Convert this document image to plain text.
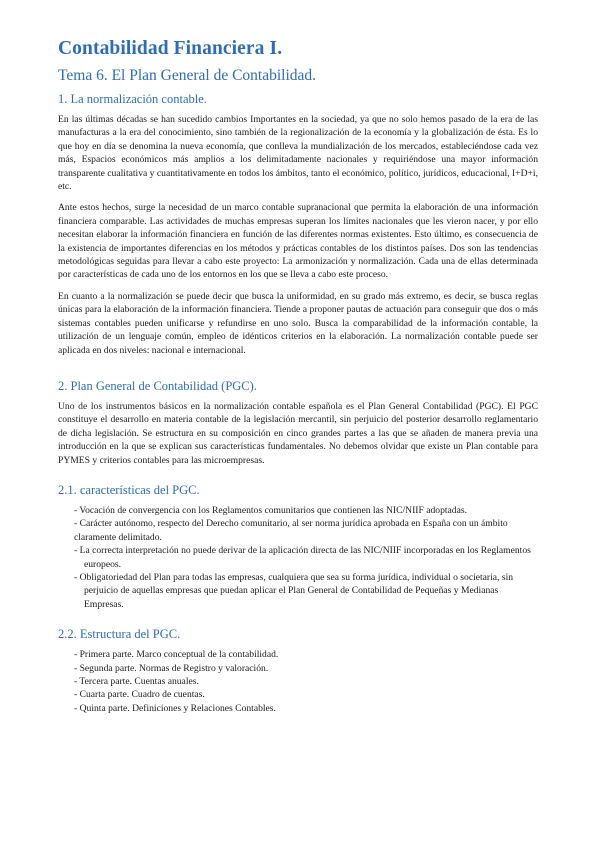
Contabilidad Financiera I.
Tema 6. El Plan General de Contabilidad.
1. La normalización contable.

En las últimas décadas se han sucedido cambios Importantes en la sociedad, ya que no solo hemos pasado de la era de las manufacturas a la era del conocimiento, sino también de la regionalización de la economía y la globalización de ésta. Es lo que hoy en día se denomina la nueva economía, que conlleva la mundialización de los mercados, estableciéndose cada vez más, Espacios económicos más amplios a los delimitadamente nacionales y requiriéndose una mayor información transparente cualitativa y cuantitativamente en todos los ámbitos, tanto el económico, político, jurídicos, educacional, I+D+i, etc.

Ante estos hechos, surge la necesidad de un marco contable supranacional que permita la elaboración de una información financiera comparable. Las actividades de muchas empresas superan los límites nacionales que les vieron nacer, y por ello necesitan elaborar la información financiera en función de las diferentes normas existentes. Esto último, es consecuencia de la existencia de importantes diferencias en los métodos y prácticas contables de los distintos países. Dos son las tendencias metodológicas seguidas para llevar a cabo este proyecto: La armonización y normalización. Cada una de ellas determinada por características de cada uno de los entornos en los que se lleva a cabo este proceso.

En cuanto a la normalización se puede decir que busca la uniformidad, en su grado más extremo, es decir, se busca reglas únicas para la elaboración de la información financiera. Tiende a proponer pautas de actuación para conseguir que dos o más sistemas contables pueden unificarse y refundirse en uno solo. Busca la comparabilidad de la información contable, la utilización de un lenguaje común, empleo de idénticos criterios en la elaboración. La normalización contable puede ser aplicada en dos niveles: nacional e internacional.

2. Plan General de Contabilidad (PGC).

Uno de los instrumentos básicos en la normalización contable española es el Plan General Contabilidad (PGC). El PGC constituye el desarrollo en materia contable de la legislación mercantil, sin perjuicio del posterior desarrollo reglamentario de dicha legislación. Se estructura en su composición en cinco grandes partes a las que se añaden de manera previa una introducción en la que se explican sus características fundamentales. No debemos olvidar que existe un Plan contable para PYMES y criterios contables para las microempresas.

2.1. características del PGC.
- Vocación de convergencia con los Reglamentos comunitarios que contienen las NIC/NIIF adoptadas.
- Carácter autónomo, respecto del Derecho comunitario, al ser norma jurídica aprobada en España con un ámbito claramente delimitado.
- La correcta interpretación no puede derivar de la aplicación directa de las NIC/NIIF incorporadas en los Reglamentos europeos.
- Obligatoriedad del Plan para todas las empresas, cualquiera que sea su forma jurídica, individual o societaria, sin perjuicio de aquellas empresas que puedan aplicar el Plan General de Contabilidad de Pequeñas y Medianas Empresas.
2.2. Estructura del PGC.
- Primera parte. Marco conceptual de la contabilidad.
- Segunda parte. Normas de Registro y valoración.
- Tercera parte. Cuentas anuales.
- Cuarta parte. Cuadro de cuentas.
- Quinta parte. Definiciones y Relaciones Contables.
